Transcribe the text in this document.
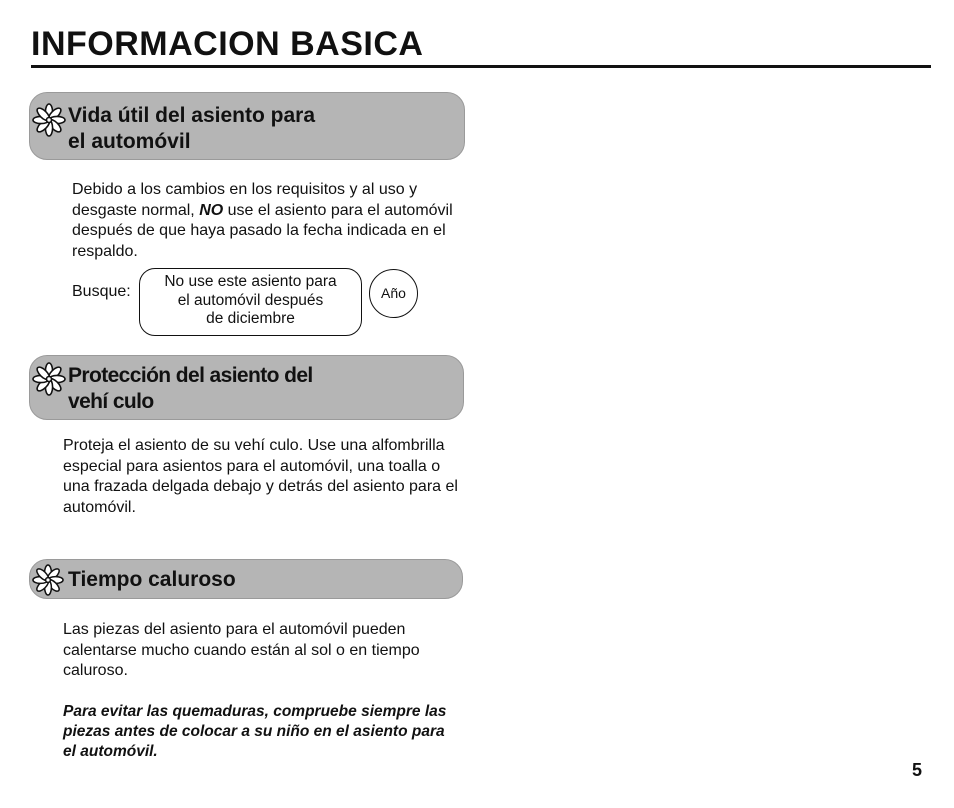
INFORMACION BASICA
Vida útil del asiento para
el automóvil

Debido a los cambios en los requisitos y al uso y desgaste normal, NO use el asiento para el automóvil después de que haya pasado la fecha indicada en el respaldo.

Busque:
No use este asiento para
el automóvil después
de diciembre
Año
Protección del asiento del
vehí culo

Proteja el asiento de su vehí culo. Use una alfombrilla especial para asientos para el automóvil, una toalla o una frazada delgada debajo y detrás del asiento para el automóvil.

Tiempo caluroso

Las piezas del asiento para el automóvil pueden calentarse mucho cuando están al sol o en tiempo caluroso.

Para evitar las quemaduras, compruebe siempre las piezas antes de colocar a su niño en el asiento para el automóvil.

5
